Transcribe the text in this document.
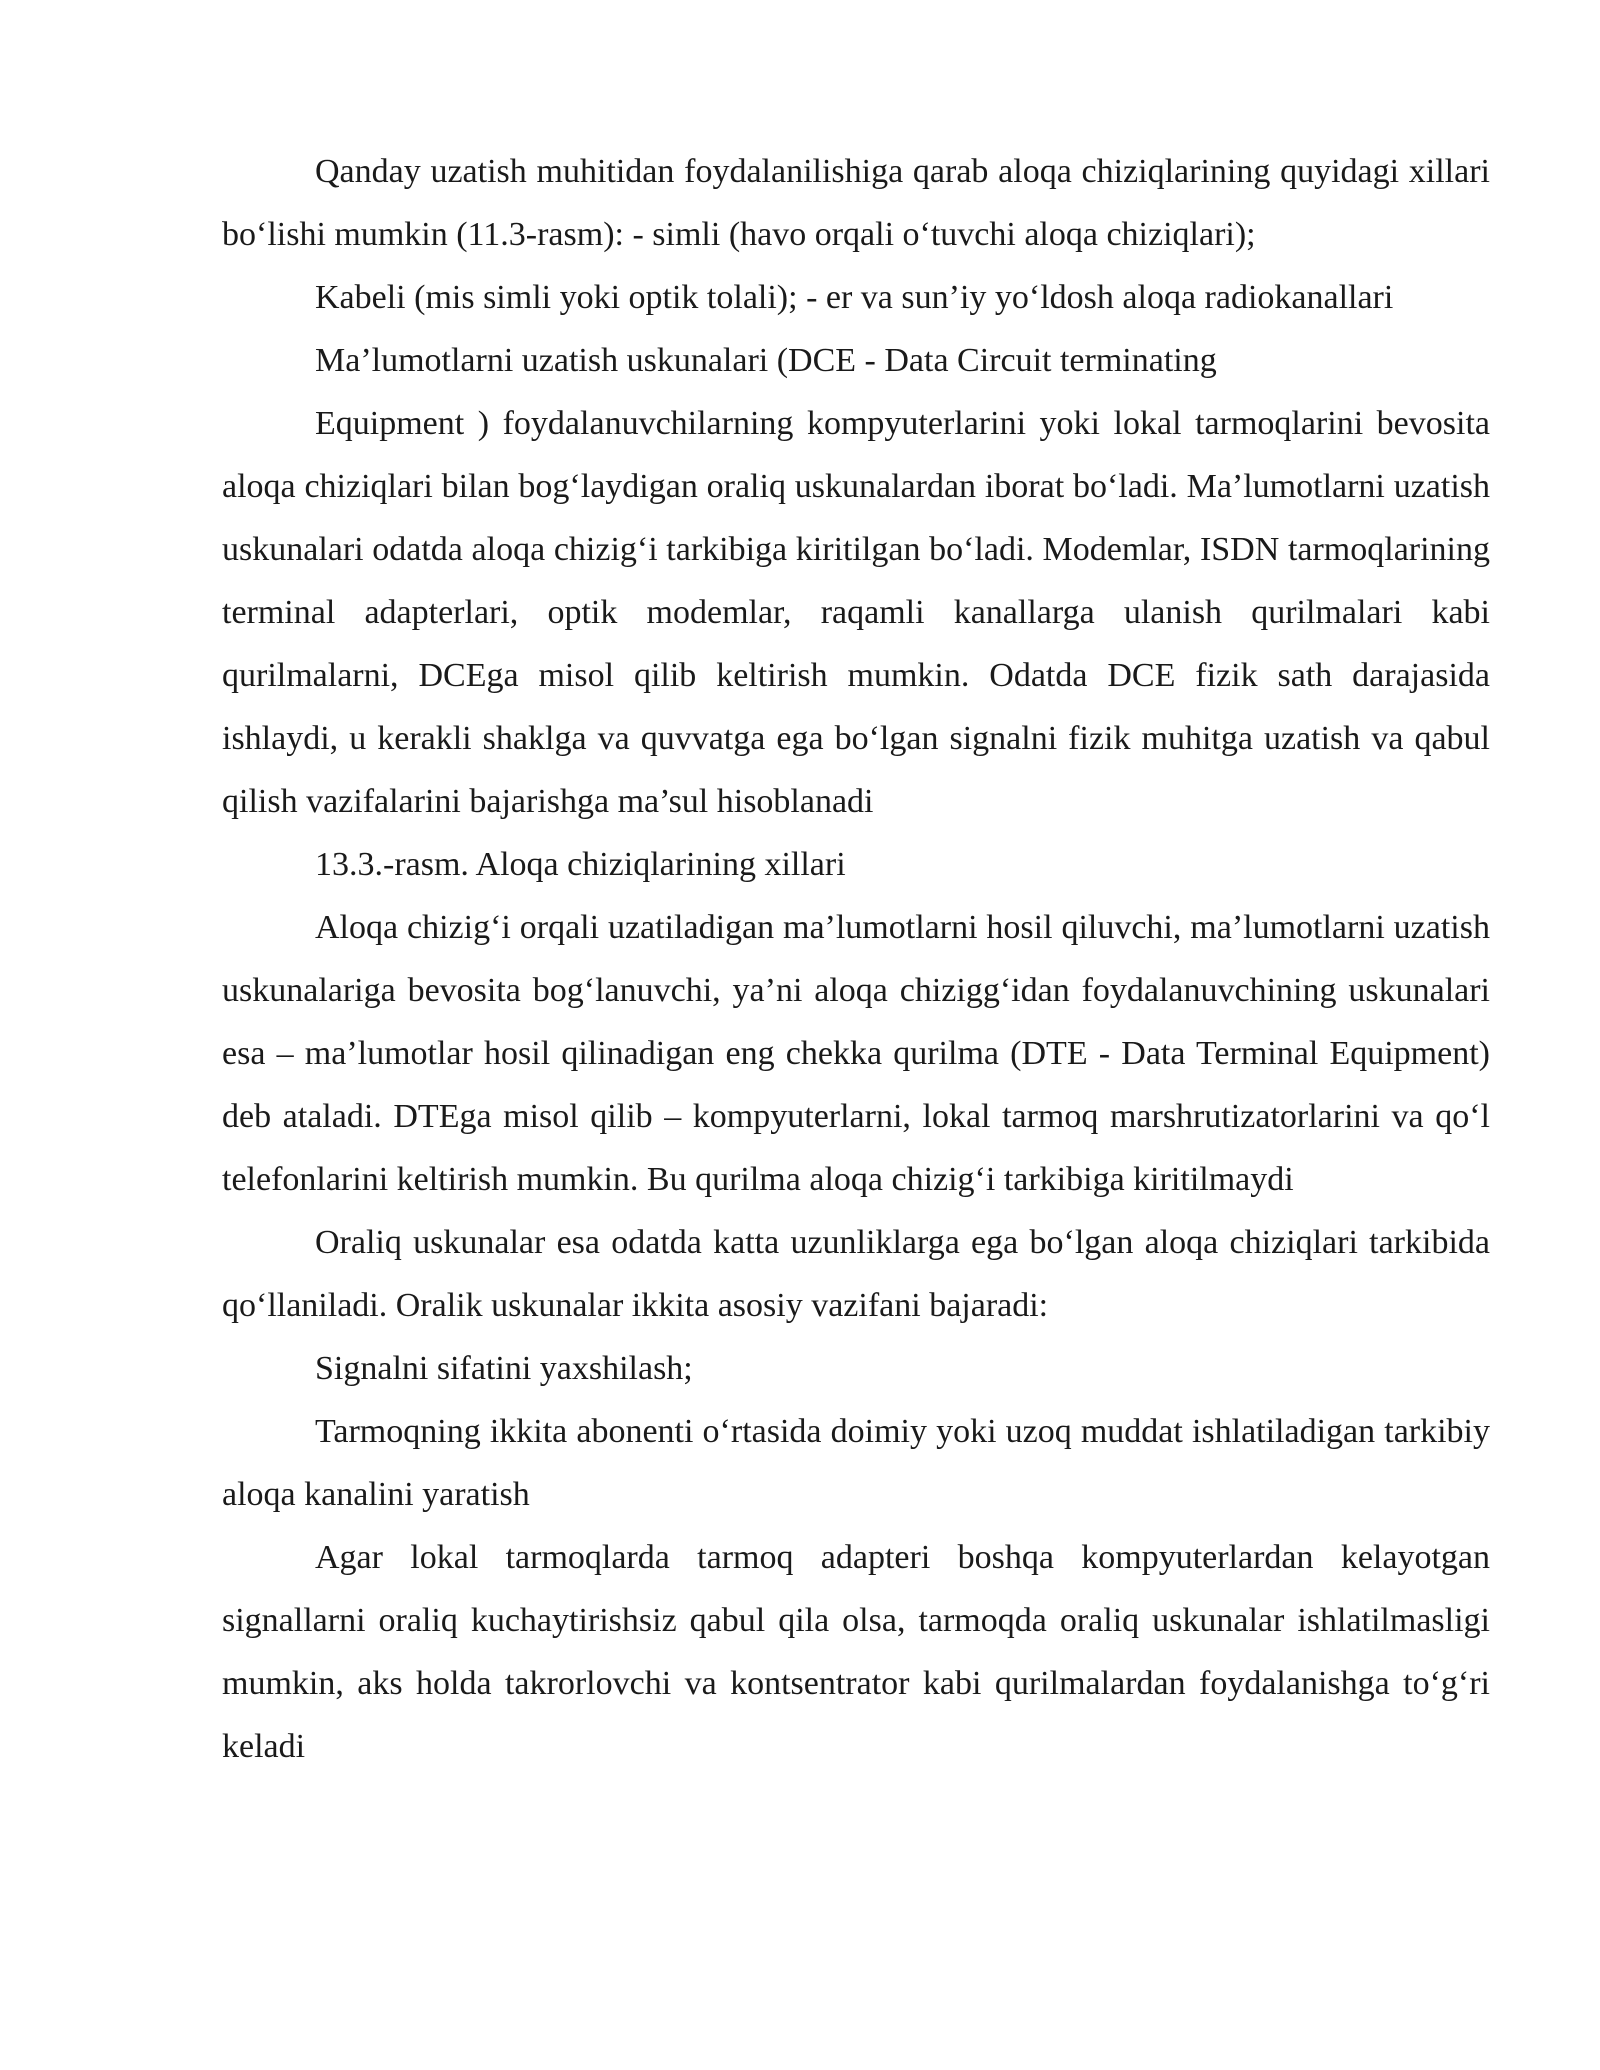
Qanday uzatish muhitidan foydalanilishiga qarab aloqa chiziqlarining quyidagi xillari bo‘lishi mumkin (11.3-rasm): - simli (havo orqali o‘tuvchi aloqa chiziqlari);

Kabeli (mis simli yoki optik tolali); - er va sun’iy yo‘ldosh aloqa radiokanallari

Ma’lumotlarni uzatish uskunalari (DCE - Data Circuit terminating

Equipment ) foydalanuvchilarning kompyuterlarini yoki lokal tarmoqlarini bevosita aloqa chiziqlari bilan bog‘laydigan oraliq uskunalardan iborat bo‘ladi. Ma’lumotlarni uzatish uskunalari odatda aloqa chizig‘i tarkibiga kiritilgan bo‘ladi. Modemlar, ISDN tarmoqlarining terminal adapterlari, optik modemlar, raqamli kanallarga ulanish qurilmalari kabi qurilmalarni, DCEga misol qilib keltirish mumkin. Odatda DCE fizik sath darajasida ishlaydi, u kerakli shaklga va quvvatga ega bo‘lgan signalni fizik muhitga uzatish va qabul qilish vazifalarini bajarishga ma’sul hisoblanadi

13.3.-rasm. Aloqa chiziqlarining xillari

Aloqa chizig‘i orqali uzatiladigan ma’lumotlarni hosil qiluvchi, ma’lumotlarni uzatish uskunalariga bevosita bog‘lanuvchi, ya’ni aloqa chizigg‘idan foydalanuvchining uskunalari esa – ma’lumotlar hosil qilinadigan eng chekka qurilma (DTE - Data Terminal Equipment) deb ataladi. DTEga misol qilib – kompyuterlarni, lokal tarmoq marshrutizatorlarini va qo‘l telefonlarini keltirish mumkin. Bu qurilma aloqa chizig‘i tarkibiga kiritilmaydi

Oraliq uskunalar esa odatda katta uzunliklarga ega bo‘lgan aloqa chiziqlari tarkibida qo‘llaniladi. Oralik uskunalar ikkita asosiy vazifani bajaradi:

Signalni sifatini yaxshilash;

Tarmoqning ikkita abonenti o‘rtasida doimiy yoki uzoq muddat ishlatiladigan tarkibiy aloqa kanalini yaratish

Agar lokal tarmoqlarda tarmoq adapteri boshqa kompyuterlardan kelayotgan signallarni oraliq kuchaytirishsiz qabul qila olsa, tarmoqda oraliq uskunalar ishlatilmasligi mumkin, aks holda takrorlovchi va kontsentrator kabi qurilmalardan foydalanishga to‘g‘ri keladi
